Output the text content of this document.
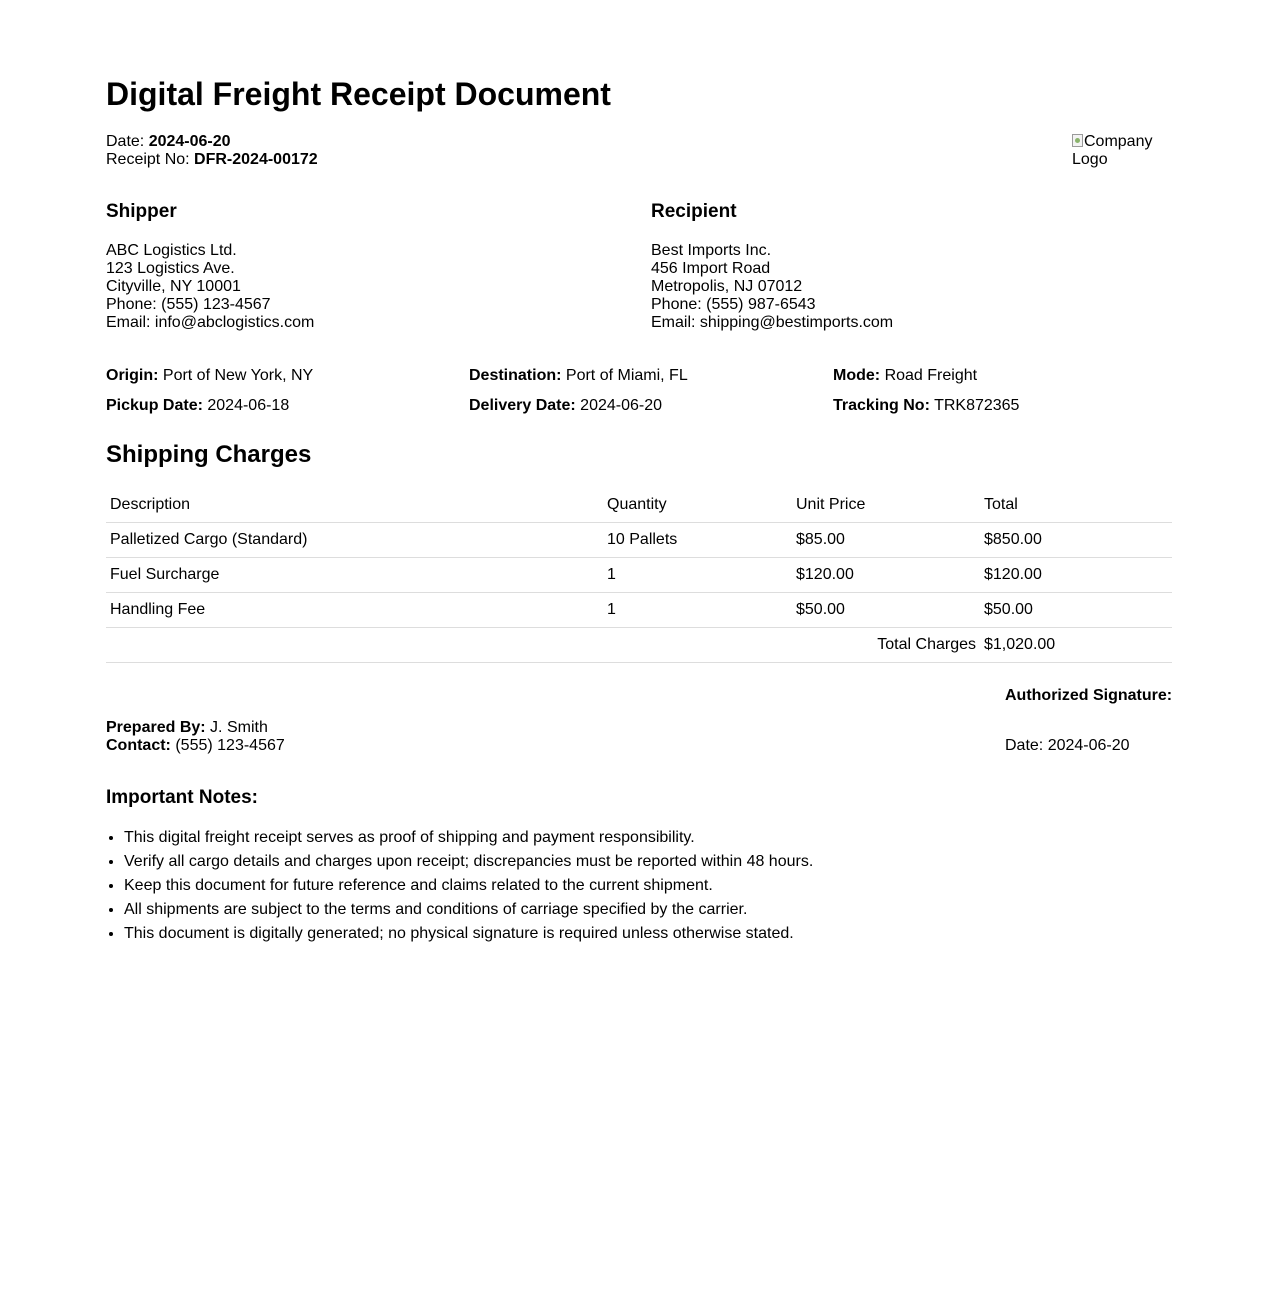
Digital Freight Receipt Document
Date: 2024-06-20
Receipt No: DFR-2024-00172
Company Logo
Shipper
ABC Logistics Ltd.
123 Logistics Ave.
Cityville, NY 10001
Phone: (555) 123-4567
Email: info@abclogistics.com
Recipient
Best Imports Inc.
456 Import Road
Metropolis, NJ 07012
Phone: (555) 987-6543
Email: shipping@bestimports.com
Origin: Port of New York, NY	Destination: Port of Miami, FL	Mode: Road Freight
Pickup Date: 2024-06-18	Delivery Date: 2024-06-20	Tracking No: TRK872365
Shipping Charges
Description	Quantity	Unit Price	Total
Palletized Cargo (Standard)	10 Pallets	$85.00	$850.00
Fuel Surcharge	1	$120.00	$120.00
Handling Fee	1	$50.00	$50.00
Total Charges			$1,020.00
Authorized Signature:
Date: 2024-06-20
Prepared By: J. Smith
Contact: (555) 123-4567
Important Notes:
• This digital freight receipt serves as proof of shipping and payment responsibility.
• Verify all cargo details and charges upon receipt; discrepancies must be reported within 48 hours.
• Keep this document for future reference and claims related to the current shipment.
• All shipments are subject to the terms and conditions of carriage specified by the carrier.
• This document is digitally generated; no physical signature is required unless otherwise stated.
